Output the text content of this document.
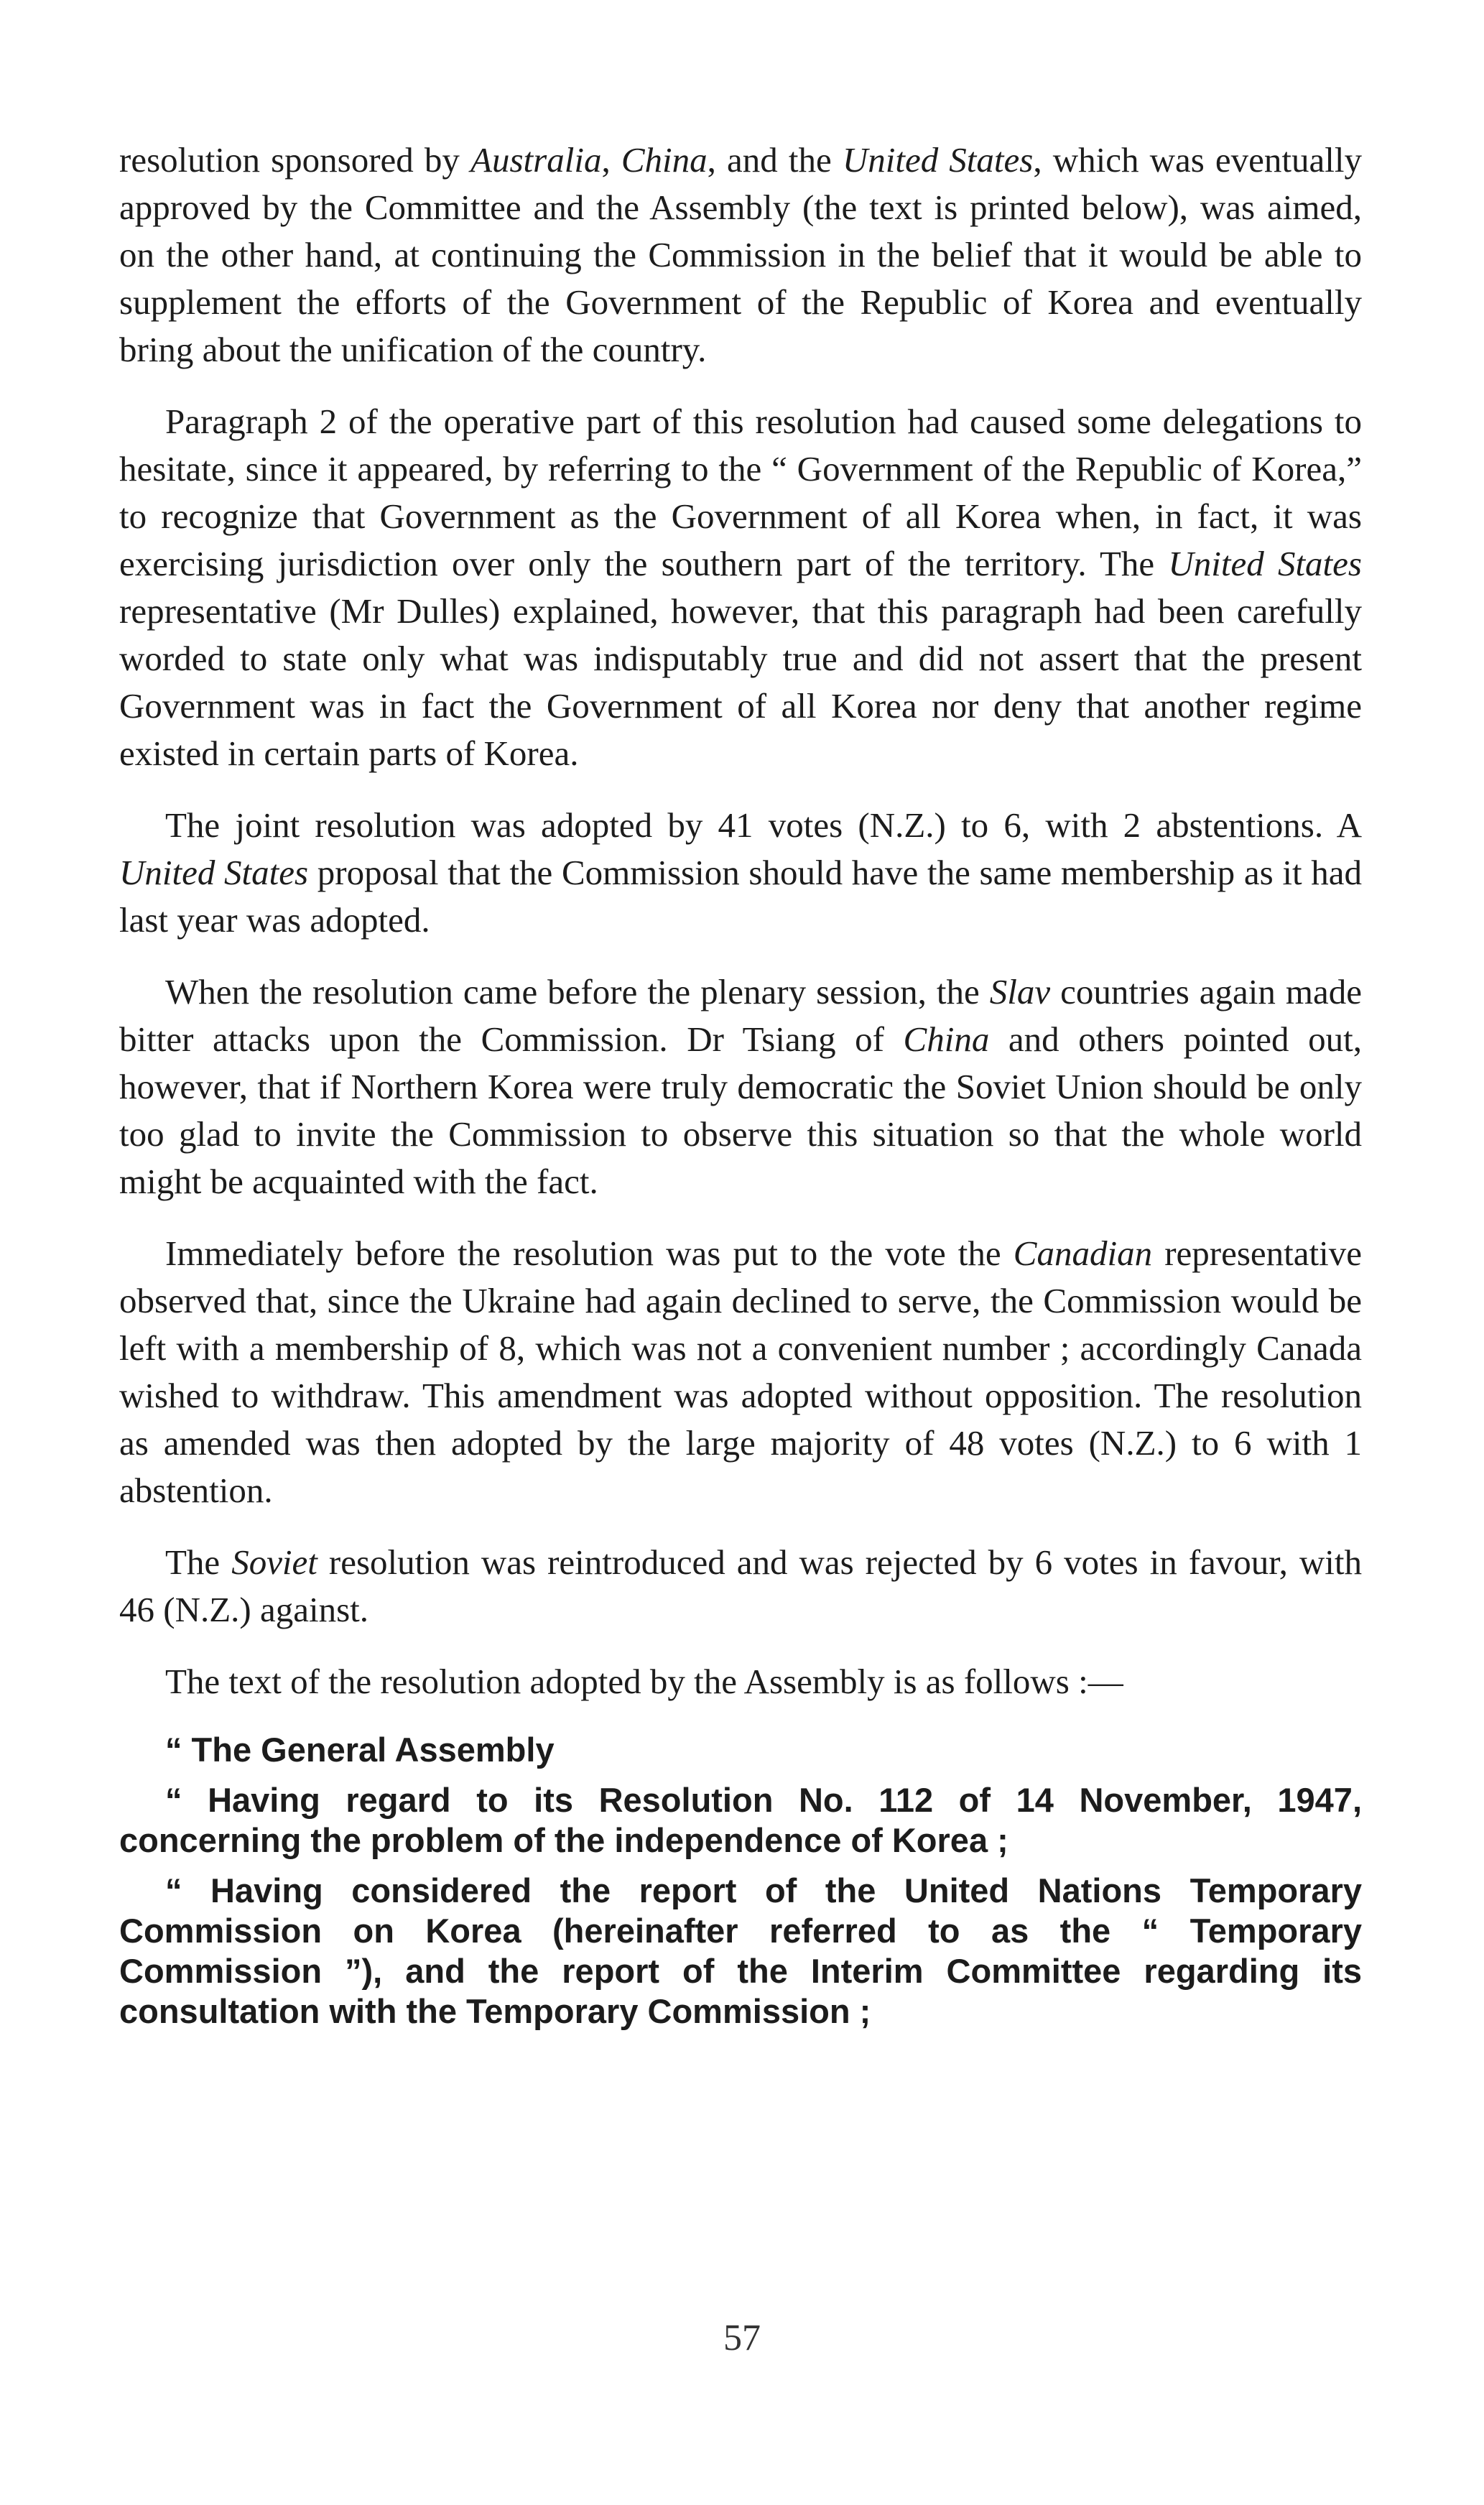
resolution sponsored by Australia, China, and the United States, which was eventually approved by the Committee and the Assembly (the text is printed below), was aimed, on the other hand, at continuing the Commission in the belief that it would be able to supplement the efforts of the Government of the Republic of Korea and eventually bring about the unification of the country.

Paragraph 2 of the operative part of this resolution had caused some delegations to hesitate, since it appeared, by referring to the “ Government of the Republic of Korea,” to recognize that Government as the Government of all Korea when, in fact, it was exercising jurisdiction over only the southern part of the territory. The United States representative (Mr Dulles) explained, however, that this paragraph had been carefully worded to state only what was indisputably true and did not assert that the present Government was in fact the Government of all Korea nor deny that another regime existed in certain parts of Korea.

The joint resolution was adopted by 41 votes (N.Z.) to 6, with 2 abstentions. A United States proposal that the Commission should have the same membership as it had last year was adopted.

When the resolution came before the plenary session, the Slav countries again made bitter attacks upon the Commission. Dr Tsiang of China and others pointed out, however, that if Northern Korea were truly democratic the Soviet Union should be only too glad to invite the Commission to observe this situation so that the whole world might be acquainted with the fact.

Immediately before the resolution was put to the vote the Canadian representative observed that, since the Ukraine had again declined to serve, the Commission would be left with a membership of 8, which was not a convenient number ; accordingly Canada wished to withdraw. This amendment was adopted without opposition. The resolution as amended was then adopted by the large majority of 48 votes (N.Z.) to 6 with 1 abstention.

The Soviet resolution was reintroduced and was rejected by 6 votes in favour, with 46 (N.Z.) against.

The text of the resolution adopted by the Assembly is as follows :—

“ The General Assembly

“ Having regard to its Resolution No. 112 of 14 November, 1947, concerning the problem of the independence of Korea ;

“ Having considered the report of the United Nations Temporary Commission on Korea (hereinafter referred to as the “ Temporary Commission ”), and the report of the Interim Committee regarding its consultation with the Temporary Commission ;

57
